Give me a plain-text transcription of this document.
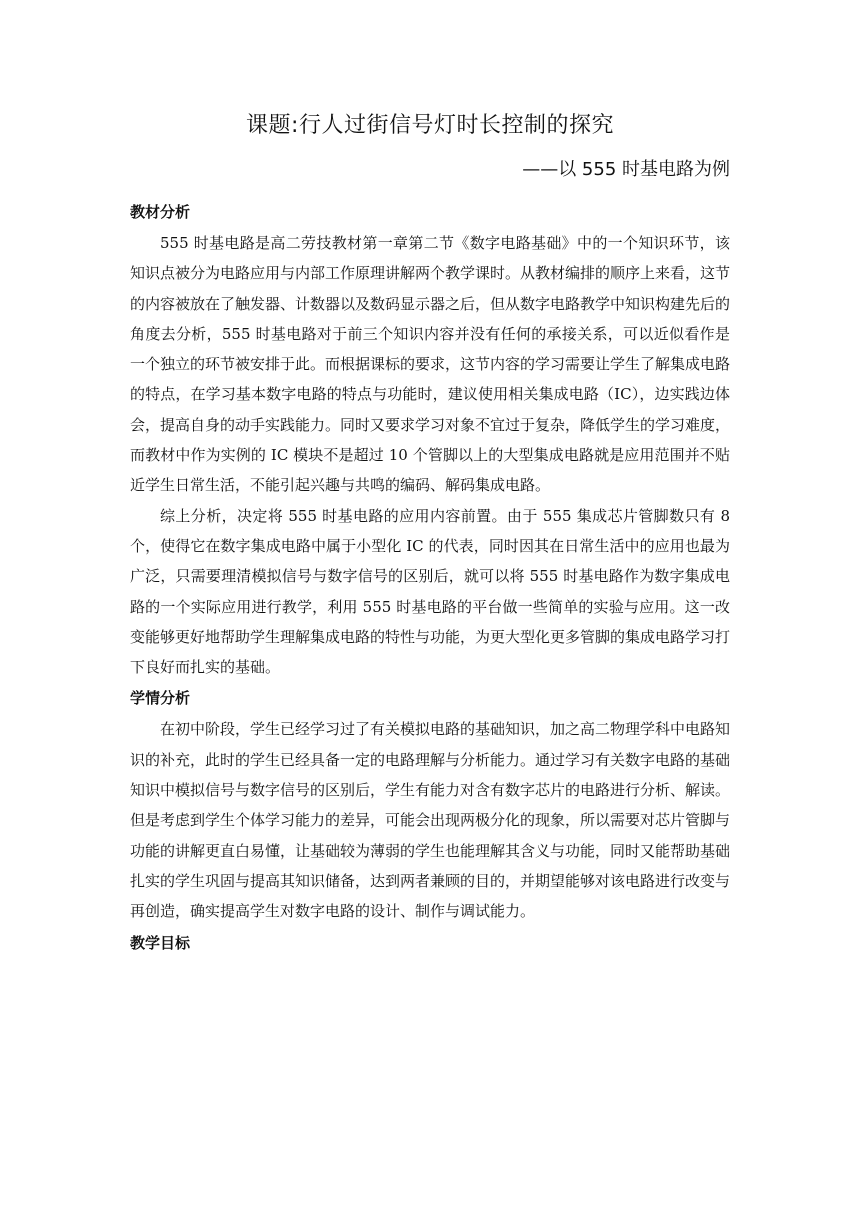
课题:行人过街信号灯时长控制的探究
——以 555 时基电路为例

教材分析

555 时基电路是高二劳技教材第一章第二节《数字电路基础》中的一个知识环节，该知识点被分为电路应用与内部工作原理讲解两个教学课时。从教材编排的顺序上来看，这节的内容被放在了触发器、计数器以及数码显示器之后，但从数字电路教学中知识构建先后的角度去分析，555 时基电路对于前三个知识内容并没有任何的承接关系，可以近似看作是一个独立的环节被安排于此。而根据课标的要求，这节内容的学习需要让学生了解集成电路的特点，在学习基本数字电路的特点与功能时，建议使用相关集成电路（IC），边实践边体会，提高自身的动手实践能力。同时又要求学习对象不宜过于复杂，降低学生的学习难度，而教材中作为实例的 IC 模块不是超过 10 个管脚以上的大型集成电路就是应用范围并不贴近学生日常生活，不能引起兴趣与共鸣的编码、解码集成电路。

综上分析，决定将 555 时基电路的应用内容前置。由于 555 集成芯片管脚数只有 8 个，使得它在数字集成电路中属于小型化 IC 的代表，同时因其在日常生活中的应用也最为广泛，只需要理清模拟信号与数字信号的区别后，就可以将 555 时基电路作为数字集成电路的一个实际应用进行教学，利用 555 时基电路的平台做一些简单的实验与应用。这一改变能够更好地帮助学生理解集成电路的特性与功能，为更大型化更多管脚的集成电路学习打下良好而扎实的基础。

学情分析

在初中阶段，学生已经学习过了有关模拟电路的基础知识，加之高二物理学科中电路知识的补充，此时的学生已经具备一定的电路理解与分析能力。通过学习有关数字电路的基础知识中模拟信号与数字信号的区别后，学生有能力对含有数字芯片的电路进行分析、解读。但是考虑到学生个体学习能力的差异，可能会出现两极分化的现象，所以需要对芯片管脚与功能的讲解更直白易懂，让基础较为薄弱的学生也能理解其含义与功能，同时又能帮助基础扎实的学生巩固与提高其知识储备，达到两者兼顾的目的，并期望能够对该电路进行改变与再创造，确实提高学生对数字电路的设计、制作与调试能力。

教学目标
